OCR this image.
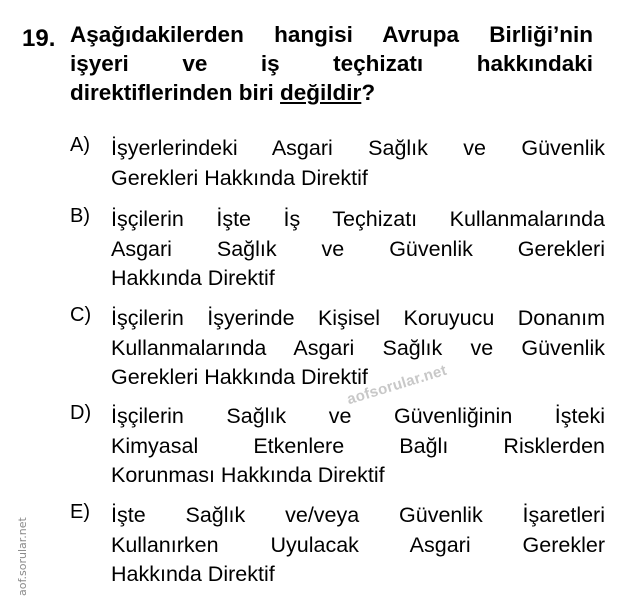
19. Aşağıdakilerden hangisi Avrupa Birliği’nin
işyeri ve iş teçhizatı hakkındaki
direktiflerinden biri değildir?
A) İşyerlerindeki Asgari Sağlık ve Güvenlik
Gerekleri Hakkında Direktif
B) İşçilerin İşte İş Teçhizatı Kullanmalarında
Asgari Sağlık ve Güvenlik Gerekleri
Hakkında Direktif
C) İşçilerin İşyerinde Kişisel Koruyucu Donanım
Kullanmalarında Asgari Sağlık ve Güvenlik
Gerekleri Hakkında Direktif
D) İşçilerin Sağlık ve Güvenliğinin İşteki
Kimyasal Etkenlere Bağlı Risklerden
Korunması Hakkında Direktif
E) İşte Sağlık ve/veya Güvenlik İşaretleri
Kullanırken Uyulacak Asgari Gerekler
Hakkında Direktif
aofsorular.net
aof.sorular.net
